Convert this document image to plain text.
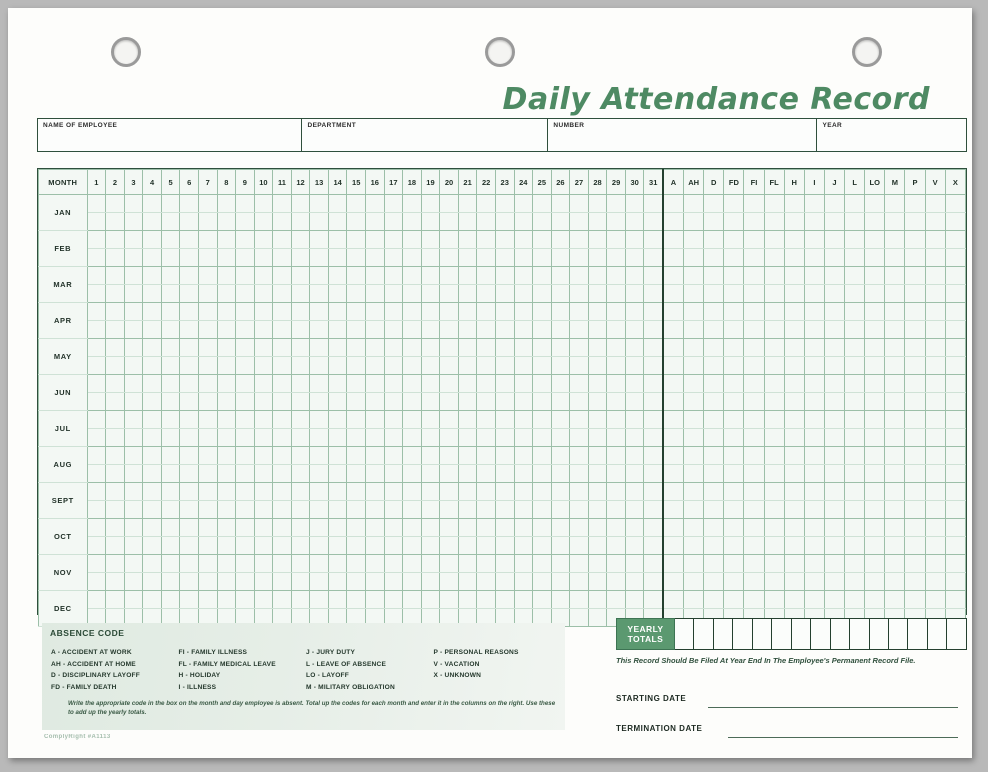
Daily Attendance Record
NAME OF EMPLOYEE	DEPARTMENT	NUMBER	YEAR
MONTH	1	2	3	4	5	6	7	8	9	10	11	12	13	14	15	16	17	18	19	20	21	22	23	24	25	26	27	28	29	30	31	A	AH	D	FD	FI	FL	H	I	J	L	LO	M	P	V	X
JAN																																														

FEB																																														

MAR																																														

APR																																														

MAY																																														

JUN																																														

JUL																																														

AUG																																														

SEPT																																														

OCT																																														

NOV																																														

DEC																																														

YEARLY
TOTALS															
This Record Should Be Filed At Year End In The Employee's Permanent Record File.
STARTING DATE
TERMINATION DATE
ABSENCE CODE
A - ACCIDENT AT WORK
AH - ACCIDENT AT HOME
D - DISCIPLINARY LAYOFF
FD - FAMILY DEATH
FI - FAMILY ILLNESS
FL - FAMILY MEDICAL LEAVE
H - HOLIDAY
I - ILLNESS
J - JURY DUTY
L - LEAVE OF ABSENCE
LO - LAYOFF
M - MILITARY OBLIGATION
P - PERSONAL REASONS
V - VACATION
X - UNKNOWN
Write the appropriate code in the box on the month and day employee is absent. Total up the codes for each month and enter it in the columns on the right. Use these to add up the yearly totals.
ComplyRight #A1113
